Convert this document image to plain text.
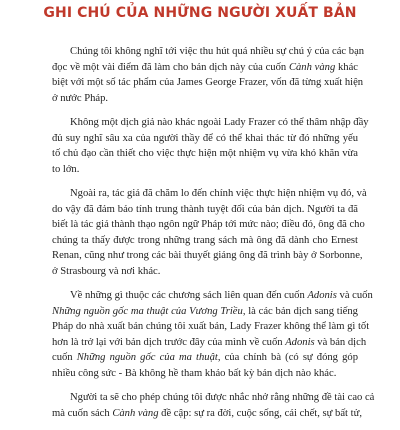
GHI CHÚ CỦA NHỮNG NGƯỜI XUẤT BẢN

Chúng tôi không nghĩ tới việc thu hút quá nhiều sự chú ý của các bạn
đọc về một vài điểm đã làm cho bản dịch này của cuốn Cành vàng khác
biệt với một số tác phẩm của James George Frazer, vốn đã từng xuất hiện
ở nước Pháp.

Không một dịch giả nào khác ngoài Lady Frazer có thể thâm nhập đầy
đủ suy nghĩ sâu xa của người thầy để có thể khai thác từ đó những yếu
tố chủ đạo cần thiết cho việc thực hiện một nhiệm vụ vừa khó khăn vừa
to lớn.

Ngoài ra, tác giả đã chăm lo đến chính việc thực hiện nhiệm vụ đó, và
do vậy đã đảm bảo tính trung thành tuyệt đối của bản dịch. Người ta đã
biết là tác giả thành thạo ngôn ngữ Pháp tới mức nào; điều đó, ông đã cho
chúng ta thấy được trong những trang sách mà ông đã dành cho Ernest
Renan, cũng như trong các bài thuyết giảng ông đã trình bày ở Sorbonne,
ở Strasbourg và nơi khác.

Về những gì thuộc các chương sách liên quan đến cuốn Adonis và cuốn
Những nguồn gốc ma thuật của Vương Triều, là các bản dịch sang tiếng
Pháp do nhà xuất bản chúng tôi xuất bản, Lady Frazer không thể làm gì tốt
hơn là trở lại với bản dịch trước đây của mình về cuốn Adonis và bản dịch
cuốn Những nguồn gốc của ma thuật, của chính bà (có sự đóng góp
nhiều công sức - Bà không hề tham khảo bất kỳ bản dịch nào khác.

Người ta sẽ cho phép chúng tôi được nhắc nhở rằng những đề tài cao cả
mà cuốn sách Cành vàng đề cập: sự ra đời, cuộc sống, cái chết, sự bất tử,
